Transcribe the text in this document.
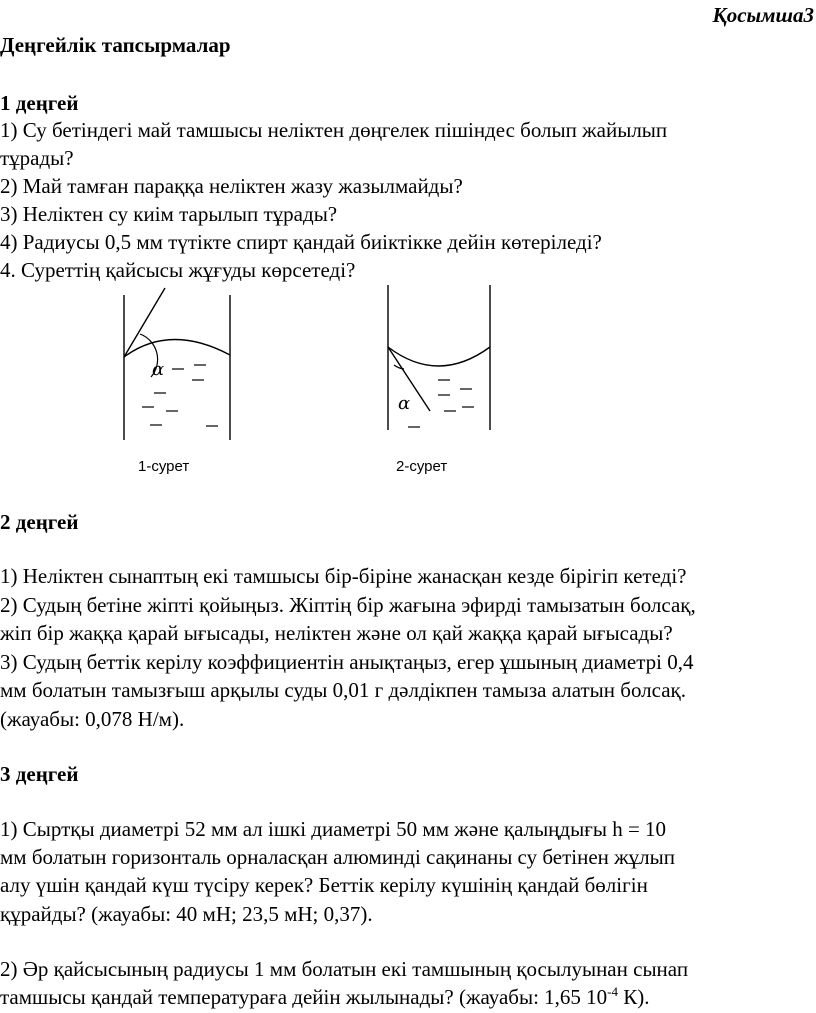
Қосымша3
Деңгейлік тапсырмалар
1 деңгей
1) Су бетіндегі май тамшысы неліктен дөңгелек пішіндес болып жайылып
тұрады?
2) Май тамған параққа неліктен жазу жазылмайды?
3) Неліктен су киім тарылып тұрады?
4) Радиусы 0,5 мм түтікте спирт қандай биіктікке дейін көтеріледі?
4. Суреттің қайсысы жұғуды көрсетеді?
α
α
1-сурет	2-сурет
2 деңгей
1) Неліктен сынаптың екі тамшысы бір-біріне жанасқан кезде бірігіп кетеді?
2) Судың бетіне жіпті қойыңыз. Жіптің бір жағына эфирді тамызатын болсақ,
жіп бір жаққа қарай ығысады, неліктен және ол қай жаққа қарай ығысады?
3) Судың беттік керілу коэффициентін анықтаңыз, егер ұшының диаметрі 0,4
мм болатын тамызғыш арқылы суды 0,01 г дәлдікпен тамыза алатын болсақ.
(жауабы: 0,078 Н/м).
3 деңгей
1) Сыртқы диаметрі 52 мм ал ішкі диаметрі 50 мм және қалыңдығы h = 10
мм болатын горизонталь орналасқан алюминді сақинаны су бетінен жұлып
алу үшін қандай күш түсіру керек? Беттік керілу күшінің қандай бөлігін
құрайды? (жауабы: 40 мН; 23,5 мН; 0,37).
2) Әр қайсысының радиусы 1 мм болатын екі тамшының қосылуынан сынап
тамшысы қандай температураға дейін жылынады? (жауабы: 1,65 $10^{-4}$ К).
